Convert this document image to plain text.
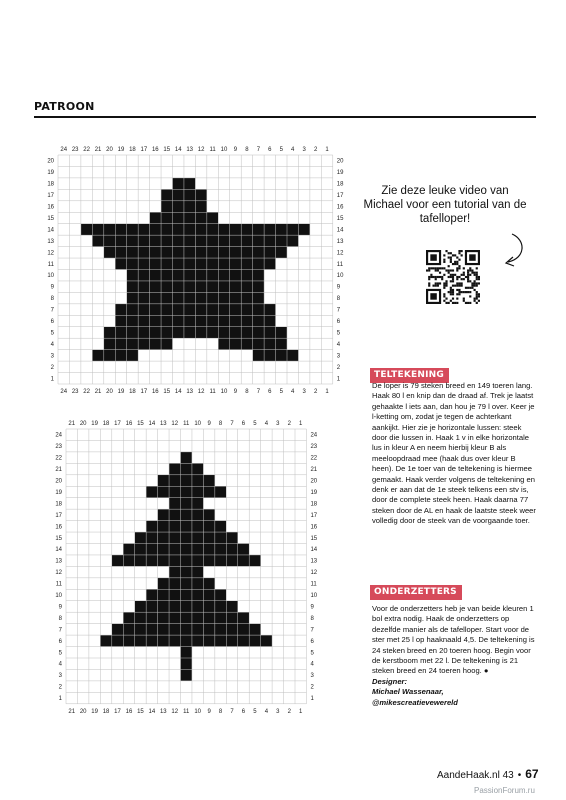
PATROON
1
1
2
2
3
3
4
4
5
5
6
6
7
7
8
8
9
9
10
10
11
11
12
12
13
13
14
14
15
15
16
16
17
17
18
18
19
19
20
20
21
21
22
22
23
23
24
24
1	1
2	2
3	3
4	4
5	5
6	6
7	7
8	8
9	9
10	10
11	11
12	12
13	13
14	14
15	15
16	16
17	17
18	18
19	19
20	20
1
1
2
2
3
3
4
4
5
5
6
6
7
7
8
8
9
9
10
10
11
11
12
12
13
13
14
14
15
15
16
16
17
17
18
18
19
19
20
20
21
21
1	1
2	2
3	3
4	4
5	5
6	6
7	7
8	8
9	9
10	10
11	11
12	12
13	13
14	14
15	15
16	16
17	17
18	18
19	19
20	20
21	21
22	22
23	23
24	24
Zie deze leuke video van Michael voor een tutorial van de tafelloper!
TELTEKENING
De loper is 79 steken breed en 149 toeren lang. Haak 80 l en knip dan de draad af. Trek je laatst gehaakte l iets aan, dan hou je 79 l over. Keer je l-ketting om, zodat je tegen de achterkant aankijkt. Hier zie je horizontale lussen: steek door die lussen in. Haak 1 v in elke horizontale lus in kleur A en neem hierbij kleur B als meeloopdraad mee (haak dus over kleur B heen). De 1e toer van de teltekening is hiermee gemaakt. Haak verder volgens de teltekening en denk er aan dat de 1e steek telkens een stv is, door de complete steek heen. Haak daarna 77 steken door de AL en haak de laatste steek weer volledig door de steek van de voorgaande toer.
ONDERZETTERS
Voor de onderzetters heb je van beide kleuren 1 bol extra nodig. Haak de onderzetters op dezelfde manier als de tafelloper. Start voor de ster met 25 l op haaknaald 4,5. De teltekening is 24 steken breed en 20 toeren hoog. Begin voor de kerstboom met 22 l. De teltekening is 21 steken breed en 24 toeren hoog. ●
Designer:
Michael Wassenaar,
@mikescreatievewereld
AandeHaak.nl 43 • 67
PassionForum.ru
